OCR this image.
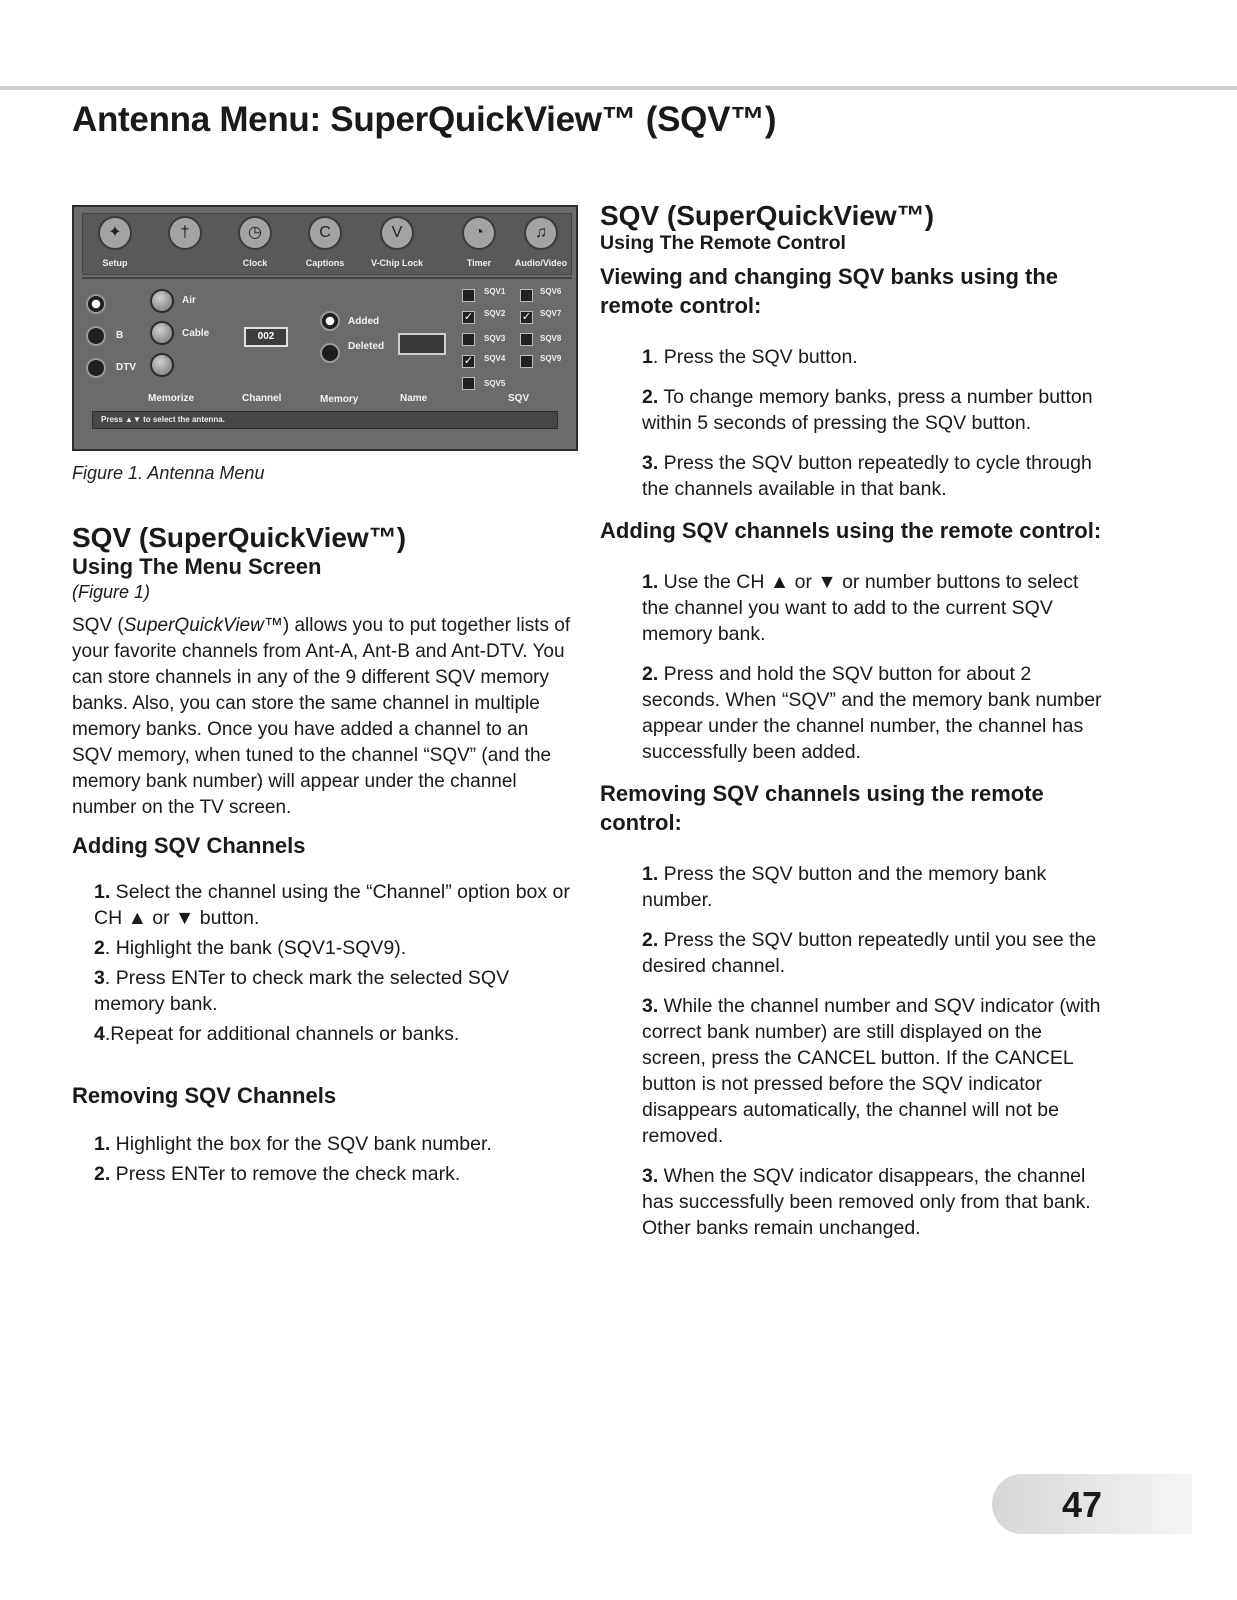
Antenna Menu: SuperQuickView™ (SQV™)
✦
Setup
†	◷
Clock
C
Captions
V
V-Chip Lock
◔
Timer
♫
Audio/Video
B
DTV
Air
Cable	002
Added
Deleted
SQV1
✓ SQV2
SQV3
✓ SQV4
SQV5
SQV6
✓ SQV7
SQV8
SQV9
Memorize	Channel	Memory	Name	SQV
Press ▲▼ to select the antenna.
Figure 1. Antenna Menu
SQV (SuperQuickView™)
Using The Menu Screen
(Figure 1)

SQV (SuperQuickView™) allows you to put together lists of your favorite channels from Ant-A, Ant-B and Ant-DTV. You can store channels in any of the 9 different SQV memory banks. Also, you can store the same channel in multiple memory banks. Once you have added a channel to an SQV memory, when tuned to the channel “SQV” (and the memory bank number) will appear under the channel number on the TV screen.

Adding SQV Channels
1. Select the channel using the “Channel” option box or CH ▲ or ▼ button.
2. Highlight the bank (SQV1-SQV9).
3. Press ENTer to check mark the selected SQV memory bank.
4.Repeat for additional channels or banks.
Removing SQV Channels
1. Highlight the box for the SQV bank number.
2. Press ENTer to remove the check mark.
SQV (SuperQuickView™)
Using The Remote Control
Viewing and changing SQV banks using the remote control:
1. Press the SQV button.
2. To change memory banks, press a number button within 5 seconds of pressing the SQV button.
3. Press the SQV button repeatedly to cycle through the channels available in that bank.
Adding SQV channels using the remote control:
1. Use the CH ▲ or ▼ or number buttons to select the channel you want to add to the current SQV memory bank.
2. Press and hold the SQV button for about 2 seconds. When “SQV” and the memory bank number appear under the channel number, the channel has successfully been added.
Removing SQV channels using the remote control:
1. Press the SQV button and the memory bank number.
2. Press the SQV button repeatedly until you see the desired channel.
3. While the channel number and SQV indicator (with correct bank number) are still displayed on the screen, press the CANCEL button. If the CANCEL button is not pressed before the SQV indicator disappears automatically, the channel will not be removed.
3. When the SQV indicator disappears, the channel has successfully been removed only from that bank. Other banks remain unchanged.
47
